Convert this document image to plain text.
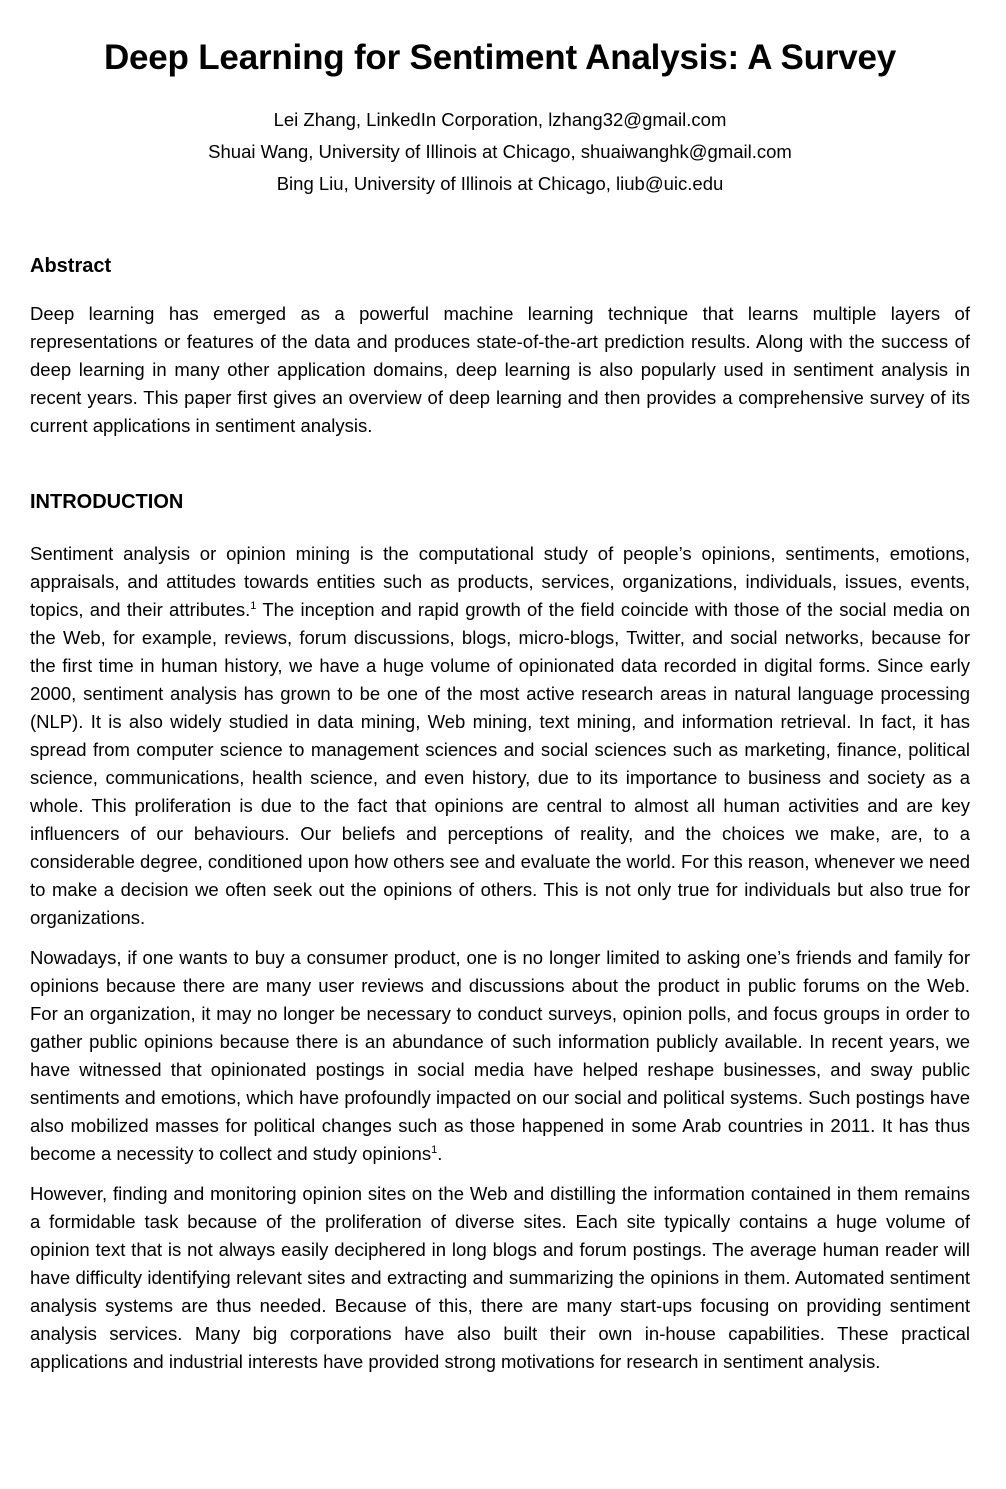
Deep Learning for Sentiment Analysis: A Survey
Lei Zhang, LinkedIn Corporation, lzhang32@gmail.com
Shuai Wang, University of Illinois at Chicago, shuaiwanghk@gmail.com
Bing Liu, University of Illinois at Chicago, liub@uic.edu
Abstract

Deep learning has emerged as a powerful machine learning technique that learns multiple layers of representations or features of the data and produces state-of-the-art prediction results. Along with the success of deep learning in many other application domains, deep learning is also popularly used in sentiment analysis in recent years. This paper first gives an overview of deep learning and then provides a comprehensive survey of its current applications in sentiment analysis.

INTRODUCTION

Sentiment analysis or opinion mining is the computational study of people’s opinions, sentiments, emotions, appraisals, and attitudes towards entities such as products, services, organizations, individuals, issues, events, topics, and their attributes.$^1$ The inception and rapid growth of the field coincide with those of the social media on the Web, for example, reviews, forum discussions, blogs, micro-blogs, Twitter, and social networks, because for the first time in human history, we have a huge volume of opinionated data recorded in digital forms. Since early 2000, sentiment analysis has grown to be one of the most active research areas in natural language processing (NLP). It is also widely studied in data mining, Web mining, text mining, and information retrieval. In fact, it has spread from computer science to management sciences and social sciences such as marketing, finance, political science, communications, health science, and even history, due to its importance to business and society as a whole. This proliferation is due to the fact that opinions are central to almost all human activities and are key influencers of our behaviours. Our beliefs and perceptions of reality, and the choices we make, are, to a considerable degree, conditioned upon how others see and evaluate the world. For this reason, whenever we need to make a decision we often seek out the opinions of others. This is not only true for individuals but also true for organizations.

Nowadays, if one wants to buy a consumer product, one is no longer limited to asking one’s friends and family for opinions because there are many user reviews and discussions about the product in public forums on the Web. For an organization, it may no longer be necessary to conduct surveys, opinion polls, and focus groups in order to gather public opinions because there is an abundance of such information publicly available. In recent years, we have witnessed that opinionated postings in social media have helped reshape businesses, and sway public sentiments and emotions, which have profoundly impacted on our social and political systems. Such postings have also mobilized masses for political changes such as those happened in some Arab countries in 2011. It has thus become a necessity to collect and study opinions$^1$.

However, finding and monitoring opinion sites on the Web and distilling the information contained in them remains a formidable task because of the proliferation of diverse sites. Each site typically contains a huge volume of opinion text that is not always easily deciphered in long blogs and forum postings. The average human reader will have difficulty identifying relevant sites and extracting and summarizing the opinions in them. Automated sentiment analysis systems are thus needed. Because of this, there are many start-ups focusing on providing sentiment analysis services. Many big corporations have also built their own in-house capabilities. These practical applications and industrial interests have provided strong motivations for research in sentiment analysis.
